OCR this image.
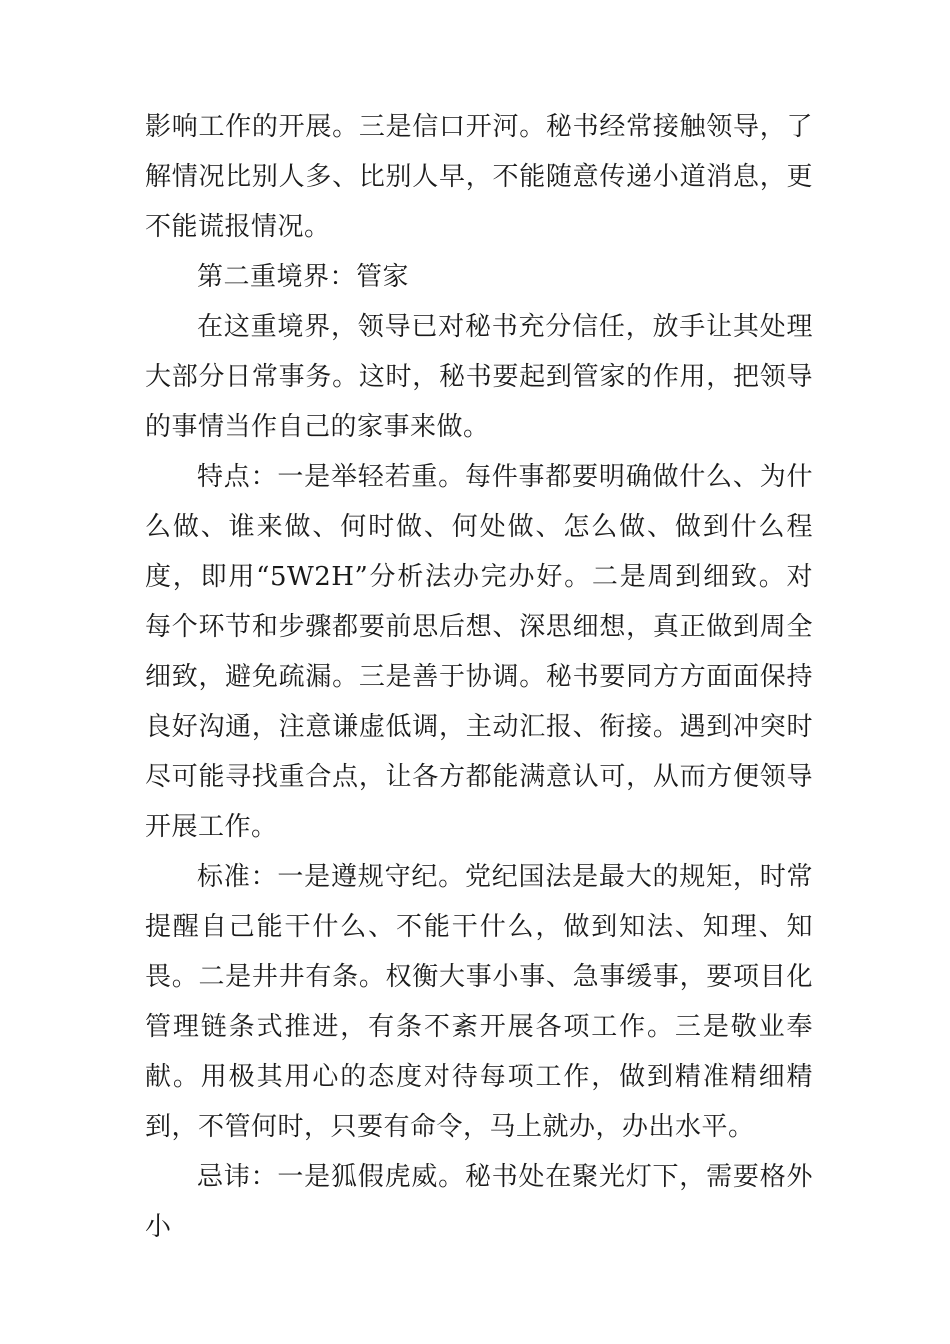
影响工作的开展。三是信口开河。秘书经常接触领导，了解情况比别人多、比别人早，不能随意传递小道消息，更不能谎报情况。

第二重境界：管家

在这重境界，领导已对秘书充分信任，放手让其处理大部分日常事务。这时，秘书要起到管家的作用，把领导的事情当作自己的家事来做。

特点：一是举轻若重。每件事都要明确做什么、为什么做、谁来做、何时做、何处做、怎么做、做到什么程度，即用“5W2H”分析法办完办好。二是周到细致。对每个环节和步骤都要前思后想、深思细想，真正做到周全细致，避免疏漏。三是善于协调。秘书要同方方面面保持良好沟通，注意谦虚低调，主动汇报、衔接。遇到冲突时尽可能寻找重合点，让各方都能满意认可，从而方便领导开展工作。

标准：一是遵规守纪。党纪国法是最大的规矩，时常提醒自己能干什么、不能干什么，做到知法、知理、知畏。二是井井有条。权衡大事小事、急事缓事，要项目化管理链条式推进，有条不紊开展各项工作。三是敬业奉献。用极其用心的态度对待每项工作，做到精准精细精到，不管何时，只要有命令，马上就办，办出水平。

忌讳：一是狐假虎威。秘书处在聚光灯下，需要格外小
